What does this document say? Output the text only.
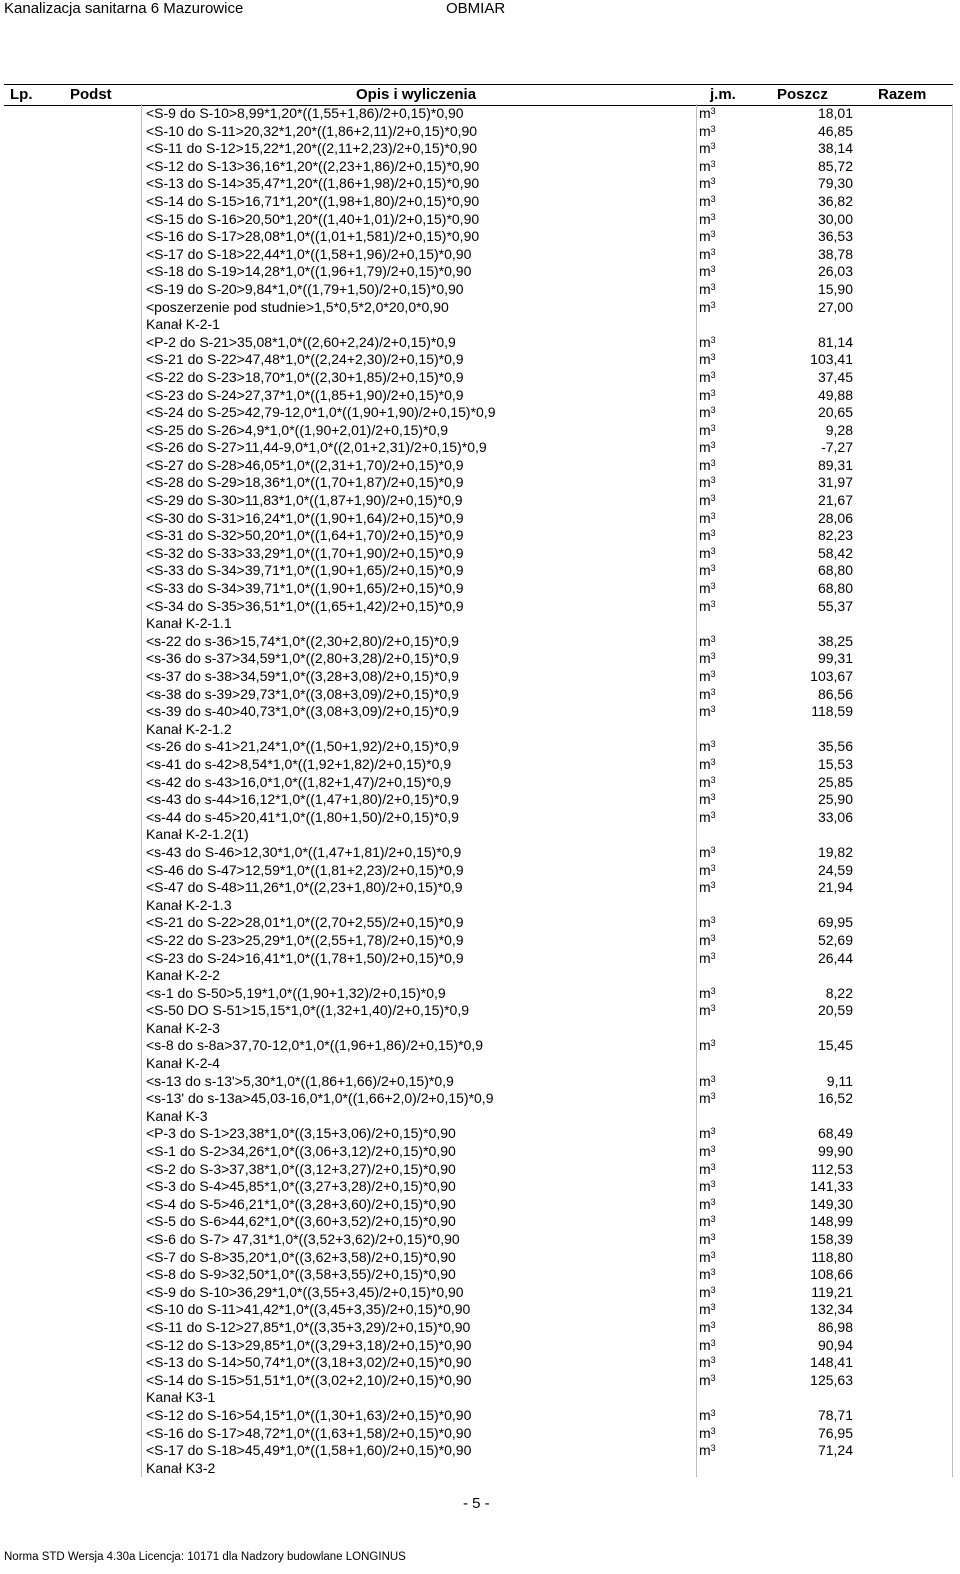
Kanalizacja sanitarna 6 Mazurowice	OBMIAR
Lp.	Podst	Opis i wyliczenia	j.m.	Poszcz	Razem
<S-9 do S-10>8,99*1,20*((1,55+1,86)/2+0,15)*0,90	$m^3$	18,01
<S-10 do S-11>20,32*1,20*((1,86+2,11)/2+0,15)*0,90	$m^3$	46,85
<S-11 do S-12>15,22*1,20*((2,11+2,23)/2+0,15)*0,90	$m^3$	38,14
<S-12 do S-13>36,16*1,20*((2,23+1,86)/2+0,15)*0,90	$m^3$	85,72
<S-13 do S-14>35,47*1,20*((1,86+1,98)/2+0,15)*0,90	$m^3$	79,30
<S-14 do S-15>16,71*1,20*((1,98+1,80)/2+0,15)*0,90	$m^3$	36,82
<S-15 do S-16>20,50*1,20*((1,40+1,01)/2+0,15)*0,90	$m^3$	30,00
<S-16 do S-17>28,08*1,0*((1,01+1,581)/2+0,15)*0,90	$m^3$	36,53
<S-17 do S-18>22,44*1,0*((1,58+1,96)/2+0,15)*0,90	$m^3$	38,78
<S-18 do S-19>14,28*1,0*((1,96+1,79)/2+0,15)*0,90	$m^3$	26,03
<S-19 do S-20>9,84*1,0*((1,79+1,50)/2+0,15)*0,90	$m^3$	15,90
<poszerzenie pod studnie>1,5*0,5*2,0*20,0*0,90	$m^3$	27,00
Kanał K-2-1
<P-2 do S-21>35,08*1,0*((2,60+2,24)/2+0,15)*0,9	$m^3$	81,14
<S-21 do S-22>47,48*1,0*((2,24+2,30)/2+0,15)*0,9	$m^3$	103,41
<S-22 do S-23>18,70*1,0*((2,30+1,85)/2+0,15)*0,9	$m^3$	37,45
<S-23 do S-24>27,37*1,0*((1,85+1,90)/2+0,15)*0,9	$m^3$	49,88
<S-24 do S-25>42,79-12,0*1,0*((1,90+1,90)/2+0,15)*0,9	$m^3$	20,65
<S-25 do S-26>4,9*1,0*((1,90+2,01)/2+0,15)*0,9	$m^3$	9,28
<S-26 do S-27>11,44-9,0*1,0*((2,01+2,31)/2+0,15)*0,9	$m^3$	-7,27
<S-27 do S-28>46,05*1,0*((2,31+1,70)/2+0,15)*0,9	$m^3$	89,31
<S-28 do S-29>18,36*1,0*((1,70+1,87)/2+0,15)*0,9	$m^3$	31,97
<S-29 do S-30>11,83*1,0*((1,87+1,90)/2+0,15)*0,9	$m^3$	21,67
<S-30 do S-31>16,24*1,0*((1,90+1,64)/2+0,15)*0,9	$m^3$	28,06
<S-31 do S-32>50,20*1,0*((1,64+1,70)/2+0,15)*0,9	$m^3$	82,23
<S-32 do S-33>33,29*1,0*((1,70+1,90)/2+0,15)*0,9	$m^3$	58,42
<S-33 do S-34>39,71*1,0*((1,90+1,65)/2+0,15)*0,9	$m^3$	68,80
<S-33 do S-34>39,71*1,0*((1,90+1,65)/2+0,15)*0,9	$m^3$	68,80
<S-34 do S-35>36,51*1,0*((1,65+1,42)/2+0,15)*0,9	$m^3$	55,37
Kanał K-2-1.1
<s-22 do s-36>15,74*1,0*((2,30+2,80)/2+0,15)*0,9	$m^3$	38,25
<s-36 do s-37>34,59*1,0*((2,80+3,28)/2+0,15)*0,9	$m^3$	99,31
<s-37 do s-38>34,59*1,0*((3,28+3,08)/2+0,15)*0,9	$m^3$	103,67
<s-38 do s-39>29,73*1,0*((3,08+3,09)/2+0,15)*0,9	$m^3$	86,56
<s-39 do s-40>40,73*1,0*((3,08+3,09)/2+0,15)*0,9	$m^3$	118,59
Kanał K-2-1.2
<s-26 do s-41>21,24*1,0*((1,50+1,92)/2+0,15)*0,9	$m^3$	35,56
<s-41 do s-42>8,54*1,0*((1,92+1,82)/2+0,15)*0,9	$m^3$	15,53
<s-42 do s-43>16,0*1,0*((1,82+1,47)/2+0,15)*0,9	$m^3$	25,85
<s-43 do s-44>16,12*1,0*((1,47+1,80)/2+0,15)*0,9	$m^3$	25,90
<s-44 do s-45>20,41*1,0*((1,80+1,50)/2+0,15)*0,9	$m^3$	33,06
Kanał K-2-1.2(1)
<s-43 do S-46>12,30*1,0*((1,47+1,81)/2+0,15)*0,9	$m^3$	19,82
<S-46 do S-47>12,59*1,0*((1,81+2,23)/2+0,15)*0,9	$m^3$	24,59
<S-47 do S-48>11,26*1,0*((2,23+1,80)/2+0,15)*0,9	$m^3$	21,94
Kanał K-2-1.3
<S-21 do S-22>28,01*1,0*((2,70+2,55)/2+0,15)*0,9	$m^3$	69,95
<S-22 do S-23>25,29*1,0*((2,55+1,78)/2+0,15)*0,9	$m^3$	52,69
<S-23 do S-24>16,41*1,0*((1,78+1,50)/2+0,15)*0,9	$m^3$	26,44
Kanał K-2-2
<s-1 do S-50>5,19*1,0*((1,90+1,32)/2+0,15)*0,9	$m^3$	8,22
<S-50 DO S-51>15,15*1,0*((1,32+1,40)/2+0,15)*0,9	$m^3$	20,59
Kanał K-2-3
<s-8 do s-8a>37,70-12,0*1,0*((1,96+1,86)/2+0,15)*0,9	$m^3$	15,45
Kanał K-2-4
<s-13 do s-13'>5,30*1,0*((1,86+1,66)/2+0,15)*0,9	$m^3$	9,11
<s-13' do s-13a>45,03-16,0*1,0*((1,66+2,0)/2+0,15)*0,9	$m^3$	16,52
Kanał K-3
<P-3 do S-1>23,38*1,0*((3,15+3,06)/2+0,15)*0,90	$m^3$	68,49
<S-1 do S-2>34,26*1,0*((3,06+3,12)/2+0,15)*0,90	$m^3$	99,90
<S-2 do S-3>37,38*1,0*((3,12+3,27)/2+0,15)*0,90	$m^3$	112,53
<S-3 do S-4>45,85*1,0*((3,27+3,28)/2+0,15)*0,90	$m^3$	141,33
<S-4 do S-5>46,21*1,0*((3,28+3,60)/2+0,15)*0,90	$m^3$	149,30
<S-5 do S-6>44,62*1,0*((3,60+3,52)/2+0,15)*0,90	$m^3$	148,99
<S-6 do S-7> 47,31*1,0*((3,52+3,62)/2+0,15)*0,90	$m^3$	158,39
<S-7 do S-8>35,20*1,0*((3,62+3,58)/2+0,15)*0,90	$m^3$	118,80
<S-8 do S-9>32,50*1,0*((3,58+3,55)/2+0,15)*0,90	$m^3$	108,66
<S-9 do S-10>36,29*1,0*((3,55+3,45)/2+0,15)*0,90	$m^3$	119,21
<S-10 do S-11>41,42*1,0*((3,45+3,35)/2+0,15)*0,90	$m^3$	132,34
<S-11 do S-12>27,85*1,0*((3,35+3,29)/2+0,15)*0,90	$m^3$	86,98
<S-12 do S-13>29,85*1,0*((3,29+3,18)/2+0,15)*0,90	$m^3$	90,94
<S-13 do S-14>50,74*1,0*((3,18+3,02)/2+0,15)*0,90	$m^3$	148,41
<S-14 do S-15>51,51*1,0*((3,02+2,10)/2+0,15)*0,90	$m^3$	125,63
Kanał K3-1
<S-12 do S-16>54,15*1,0*((1,30+1,63)/2+0,15)*0,90	$m^3$	78,71
<S-16 do S-17>48,72*1,0*((1,63+1,58)/2+0,15)*0,90	$m^3$	76,95
<S-17 do S-18>45,49*1,0*((1,58+1,60)/2+0,15)*0,90	$m^3$	71,24
Kanał K3-2
- 5 -
Norma STD Wersja 4.30a Licencja: 10171 dla Nadzory budowlane LONGINUS
